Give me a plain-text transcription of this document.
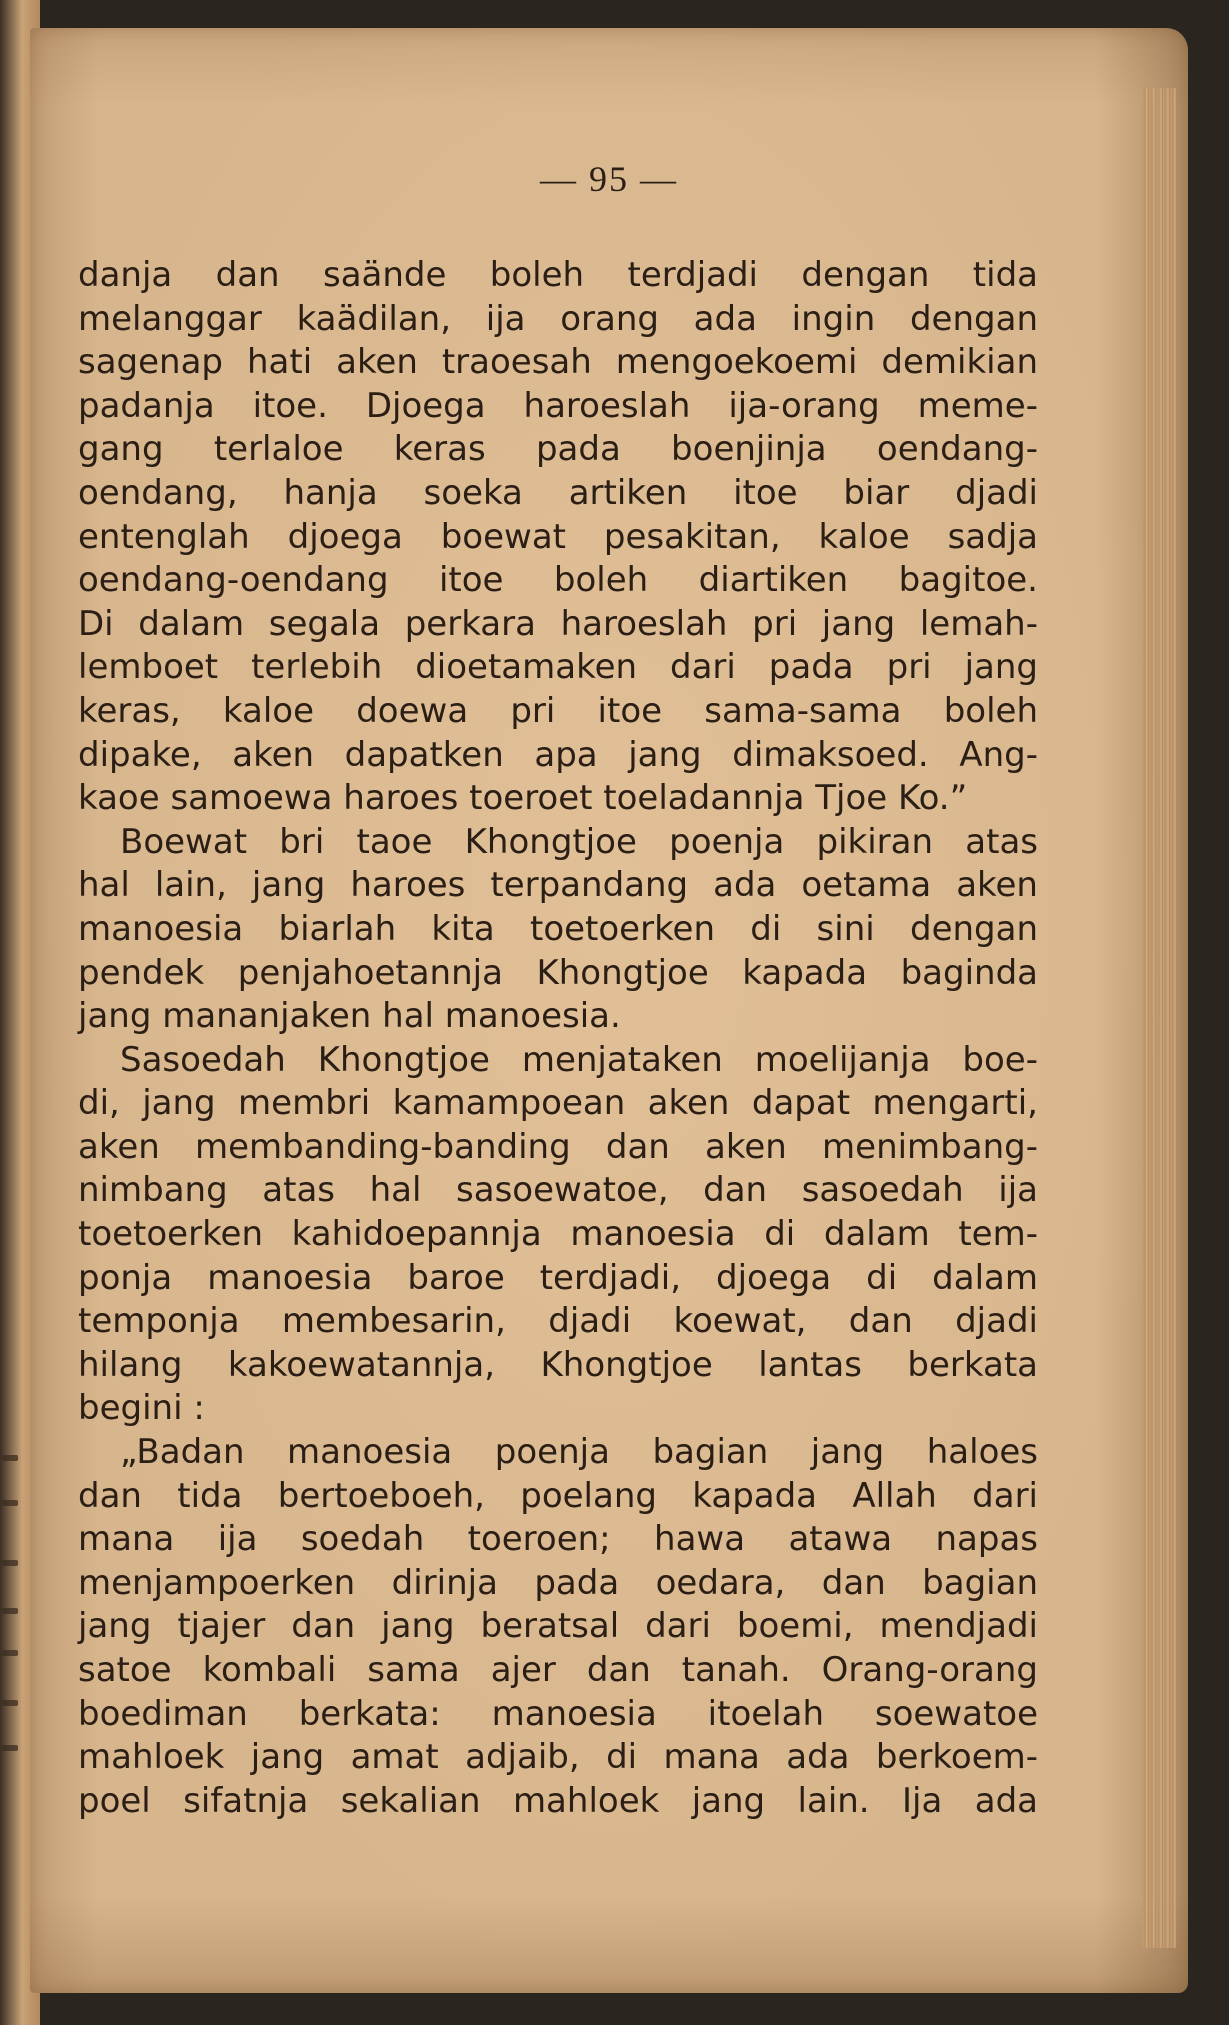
— 95 —
danja dan saände boleh terdjadi dengan tida
melanggar kaädilan, ija orang ada ingin dengan
sagenap hati aken traoesah mengoekoemi demikian
padanja itoe. Djoega haroeslah ija-orang meme-
gang terlaloe keras pada boenjinja oendang-
oendang, hanja soeka artiken itoe biar djadi
entenglah djoega boewat pesakitan, kaloe sadja
oendang-oendang itoe boleh diartiken bagitoe.
Di dalam segala perkara haroeslah pri jang lemah-
lemboet terlebih dioetamaken dari pada pri jang
keras, kaloe doewa pri itoe sama-sama boleh
dipake, aken dapatken apa jang dimaksoed. Ang-
kaoe samoewa haroes toeroet toeladannja Tjoe Ko.”
Boewat bri taoe Khongtjoe poenja pikiran atas
hal lain, jang haroes terpandang ada oetama aken
manoesia biarlah kita toetoerken di sini dengan
pendek penjahoetannja Khongtjoe kapada baginda
jang mananjaken hal manoesia.
Sasoedah Khongtjoe menjataken moelijanja boe-
di, jang membri kamampoean aken dapat mengarti,
aken membanding-banding dan aken menimbang-
nimbang atas hal sasoewatoe, dan sasoedah ija
toetoerken kahidoepannja manoesia di dalam tem-
ponja manoesia baroe terdjadi, djoega di dalam
temponja membesarin, djadi koewat, dan djadi
hilang kakoewatannja, Khongtjoe lantas berkata
begini :
„Badan manoesia poenja bagian jang haloes
dan tida bertoeboeh, poelang kapada Allah dari
mana ija soedah toeroen; hawa atawa napas
menjampoerken dirinja pada oedara, dan bagian
jang tjajer dan jang beratsal dari boemi, mendjadi
satoe kombali sama ajer dan tanah. Orang-orang
boediman berkata: manoesia itoelah soewatoe
mahloek jang amat adjaib, di mana ada berkoem-
poel sifatnja sekalian mahloek jang lain. Ija ada
